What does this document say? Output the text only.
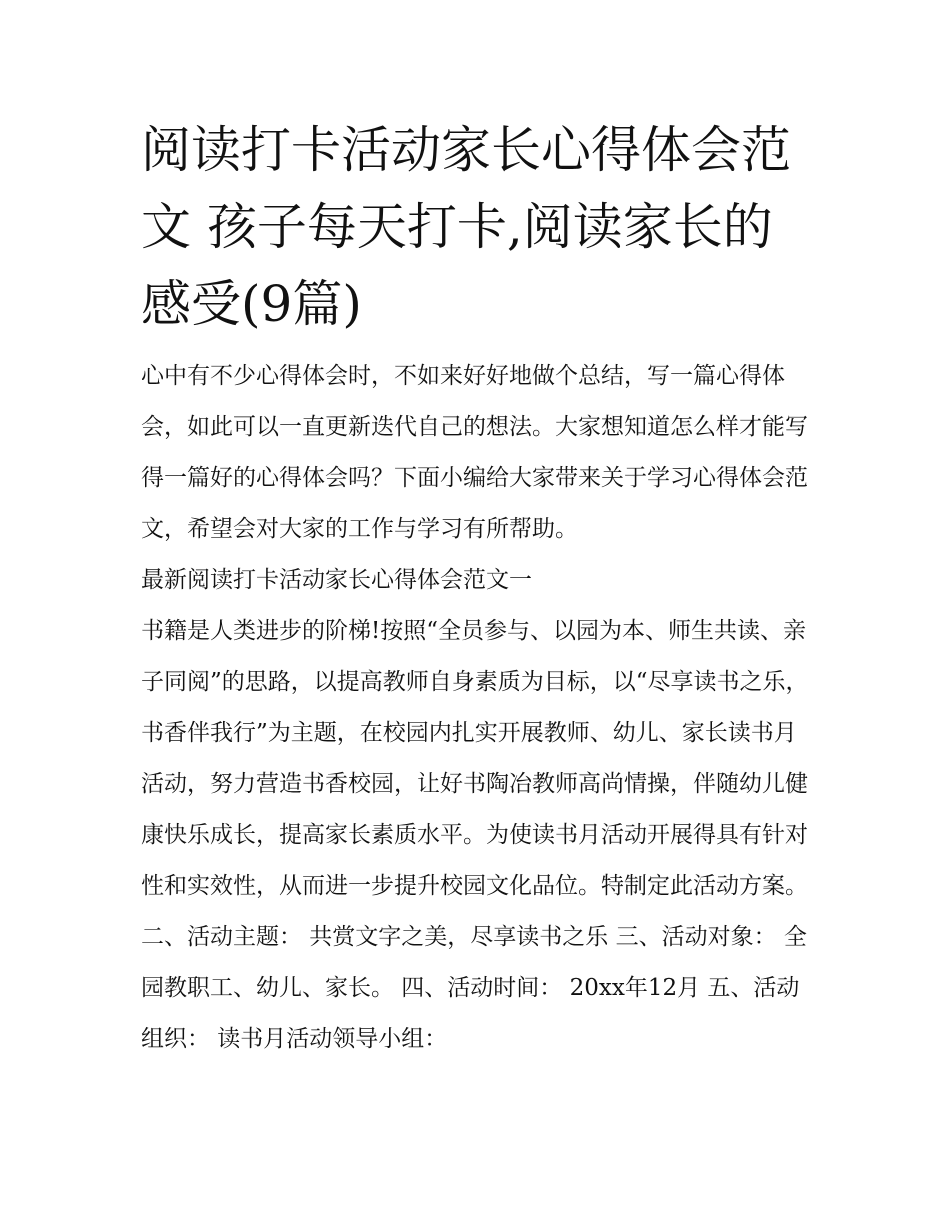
阅读打卡活动家长心得体会范文 孩子每天打卡,阅读家长的感受(9篇)

心中有不少心得体会时，不如来好好地做个总结，写一篇心得体会，如此可以一直更新迭代自己的想法。大家想知道怎么样才能写得一篇好的心得体会吗？下面小编给大家带来关于学习心得体会范文，希望会对大家的工作与学习有所帮助。

最新阅读打卡活动家长心得体会范文一

书籍是人类进步的阶梯!按照“全员参与、以园为本、师生共读、亲子同阅”的思路，以提高教师自身素质为目标，以“尽享读书之乐，书香伴我行”为主题，在校园内扎实开展教师、幼儿、家长读书月活动，努力营造书香校园，让好书陶冶教师高尚情操，伴随幼儿健康快乐成长，提高家长素质水平。为使读书月活动开展得具有针对性和实效性，从而进一步提升校园文化品位。特制定此活动方案。

二、活动主题： 共赏文字之美，尽享读书之乐 三、活动对象： 全园教职工、幼儿、家长。 四、活动时间： 20xx年12月 五、活动组织： 读书月活动领导小组：
